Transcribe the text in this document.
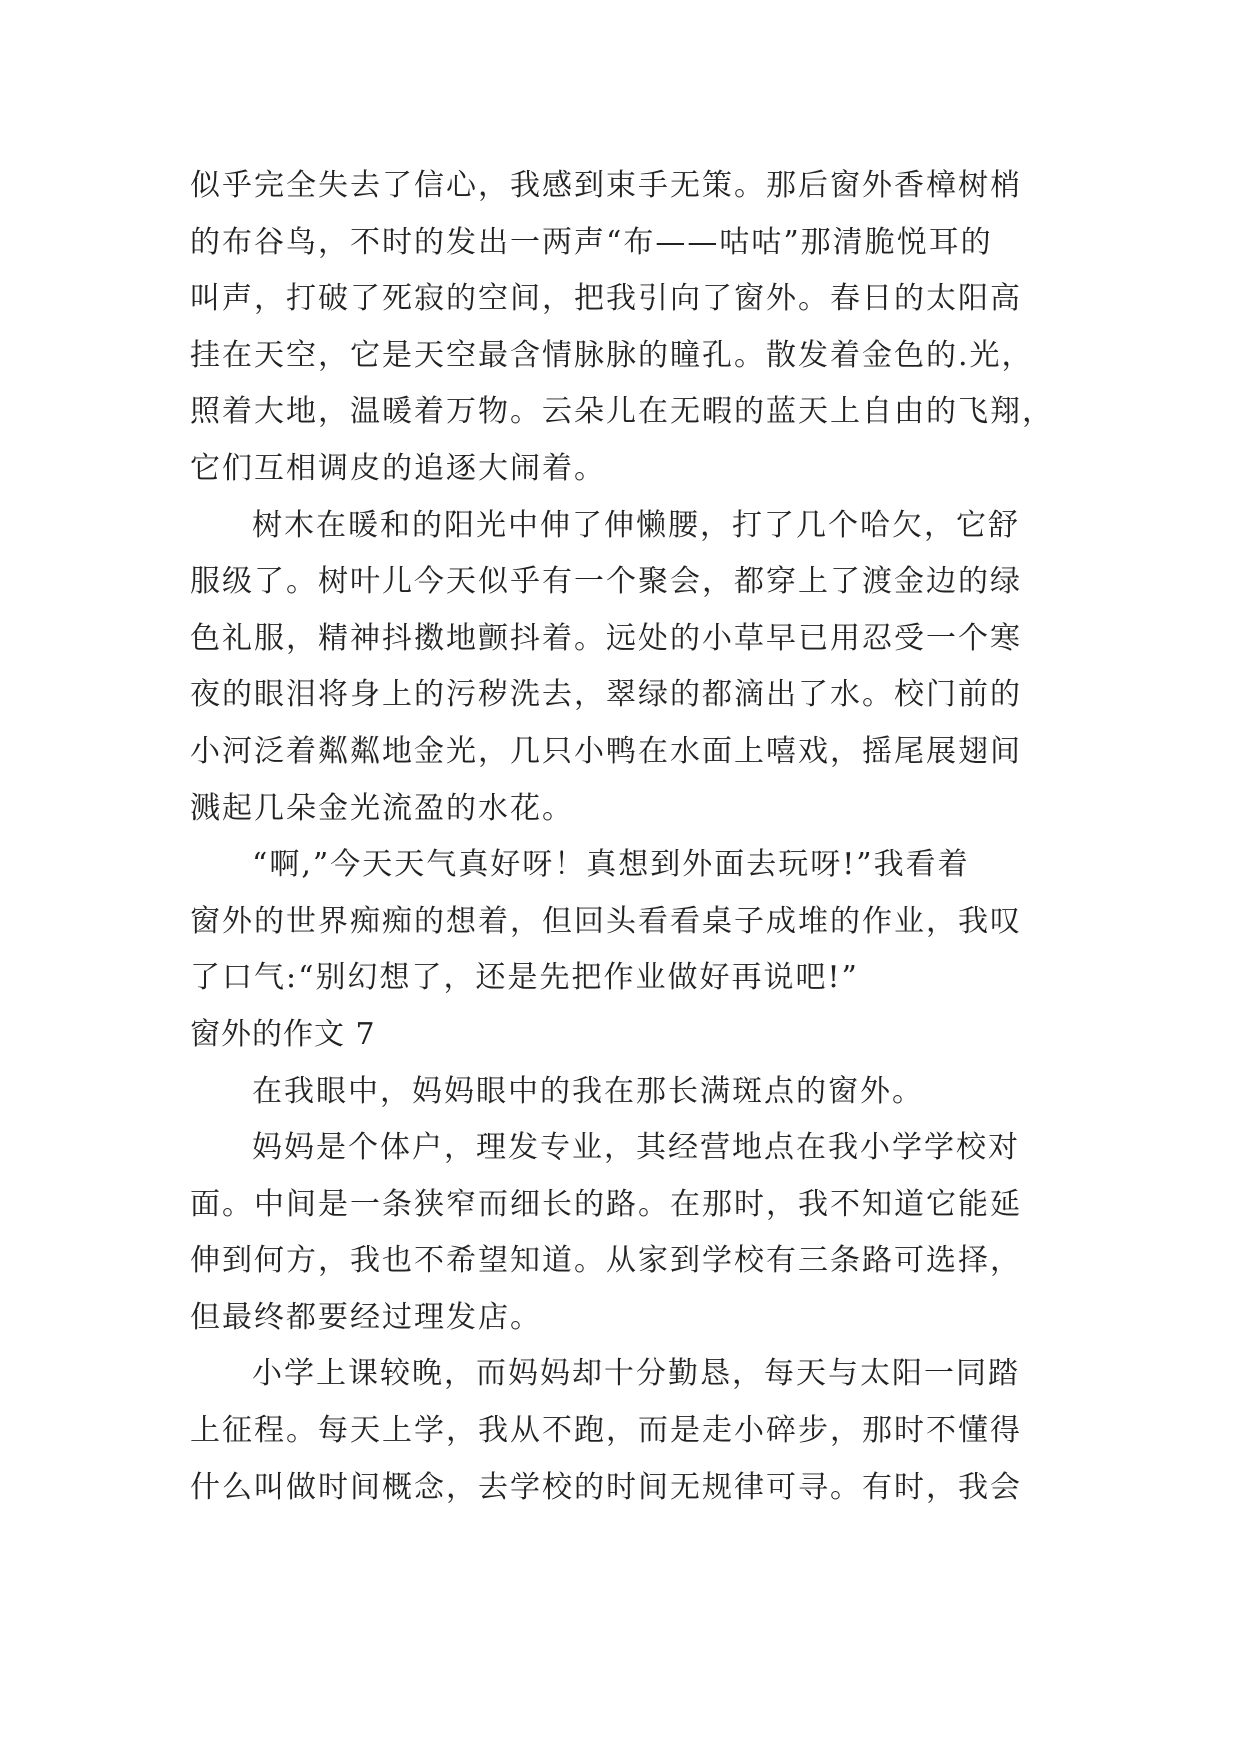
似乎完全失去了信心，我感到束手无策。那后窗外香樟树梢
的布谷鸟，不时的发出一两声“布——咕咕”那清脆悦耳的
叫声，打破了死寂的空间，把我引向了窗外。春日的太阳高
挂在天空，它是天空最含情脉脉的瞳孔。散发着金色的.光，
照着大地，温暖着万物。云朵儿在无暇的蓝天上自由的飞翔，
它们互相调皮的追逐大闹着。
树木在暖和的阳光中伸了伸懒腰，打了几个哈欠，它舒
服级了。树叶儿今天似乎有一个聚会，都穿上了渡金边的绿
色礼服，精神抖擞地颤抖着。远处的小草早已用忍受一个寒
夜的眼泪将身上的污秽洗去，翠绿的都滴出了水。校门前的
小河泛着粼粼地金光，几只小鸭在水面上嘻戏，摇尾展翅间
溅起几朵金光流盈的水花。
“啊,”今天天气真好呀！真想到外面去玩呀!”我看着
窗外的世界痴痴的想着，但回头看看桌子成堆的作业，我叹
了口气:“别幻想了，还是先把作业做好再说吧!”
窗外的作文 7
在我眼中，妈妈眼中的我在那长满斑点的窗外。
妈妈是个体户，理发专业，其经营地点在我小学学校对
面。中间是一条狭窄而细长的路。在那时，我不知道它能延
伸到何方，我也不希望知道。从家到学校有三条路可选择，
但最终都要经过理发店。
小学上课较晚，而妈妈却十分勤恳，每天与太阳一同踏
上征程。每天上学，我从不跑，而是走小碎步，那时不懂得
什么叫做时间概念，去学校的时间无规律可寻。有时，我会
